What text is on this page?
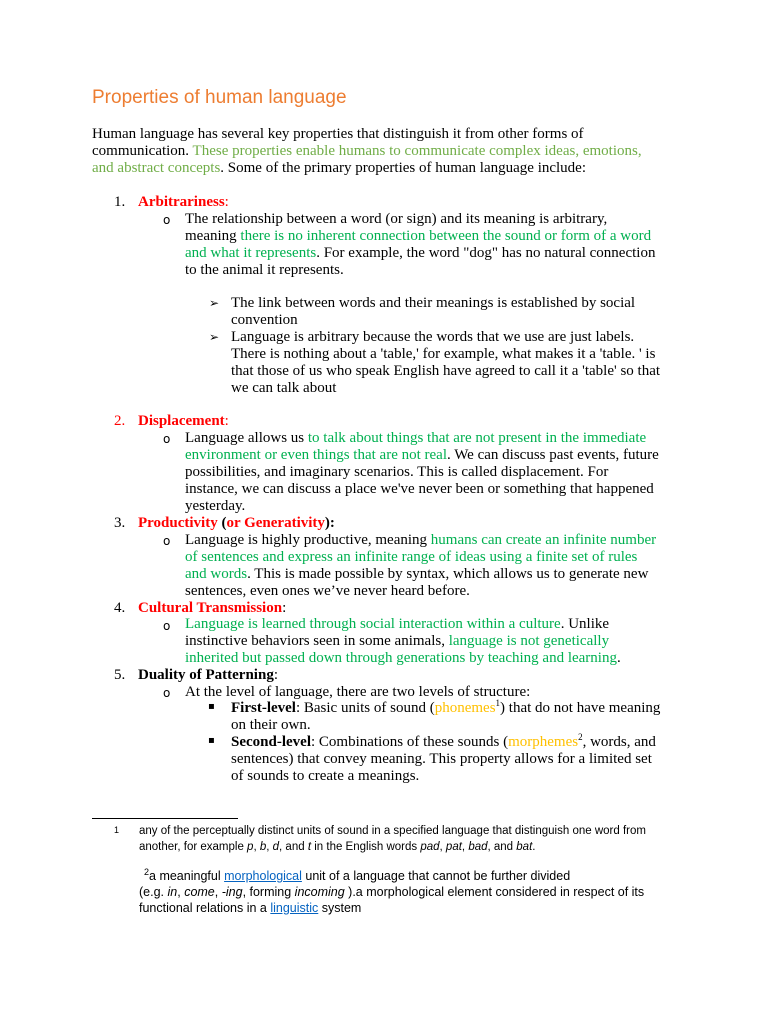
Properties of human language
Human language has several key properties that distinguish it from other forms of
communication. These properties enable humans to communicate complex ideas, emotions,
and abstract concepts. Some of the primary properties of human language include:
1. Arbitrariness:
o The relationship between a word (or sign) and its meaning is arbitrary,
meaning there is no inherent connection between the sound or form of a word
and what it represents. For example, the word "dog" has no natural connection
to the animal it represents.
➢ The link between words and their meanings is established by social
convention
➢ Language is arbitrary because the words that we use are just labels.
There is nothing about a 'table,' for example, what makes it a 'table. ' is
that those of us who speak English have agreed to call it a 'table' so that
we can talk about
2. Displacement:
o Language allows us to talk about things that are not present in the immediate
environment or even things that are not real. We can discuss past events, future
possibilities, and imaginary scenarios. This is called displacement. For
instance, we can discuss a place we've never been or something that happened
yesterday.
3. Productivity (or Generativity):
o Language is highly productive, meaning humans can create an infinite number
of sentences and express an infinite range of ideas using a finite set of rules
and words. This is made possible by syntax, which allows us to generate new
sentences, even ones we’ve never heard before.
4. Cultural Transmission:
o Language is learned through social interaction within a culture. Unlike
instinctive behaviors seen in some animals, language is not genetically
inherited but passed down through generations by teaching and learning.
5. Duality of Patterning:
o At the level of language, there are two levels of structure:
▪ First-level: Basic units of sound (phonemes$^1$) that do not have meaning
on their own.
▪ Second-level: Combinations of these sounds (morphemes$^2$, words, and
sentences) that convey meaning. This property allows for a limited set
of sounds to create a meanings.
1 any of the perceptually distinct units of sound in a specified language that distinguish one word from
another, for example p, b, d, and t in the English words pad, pat, bad, and bat.
$^2$a meaningful morphological unit of a language that cannot be further divided
(e.g. in, come, -ing, forming incoming ).a morphological element considered in respect of its
functional relations in a linguistic system
